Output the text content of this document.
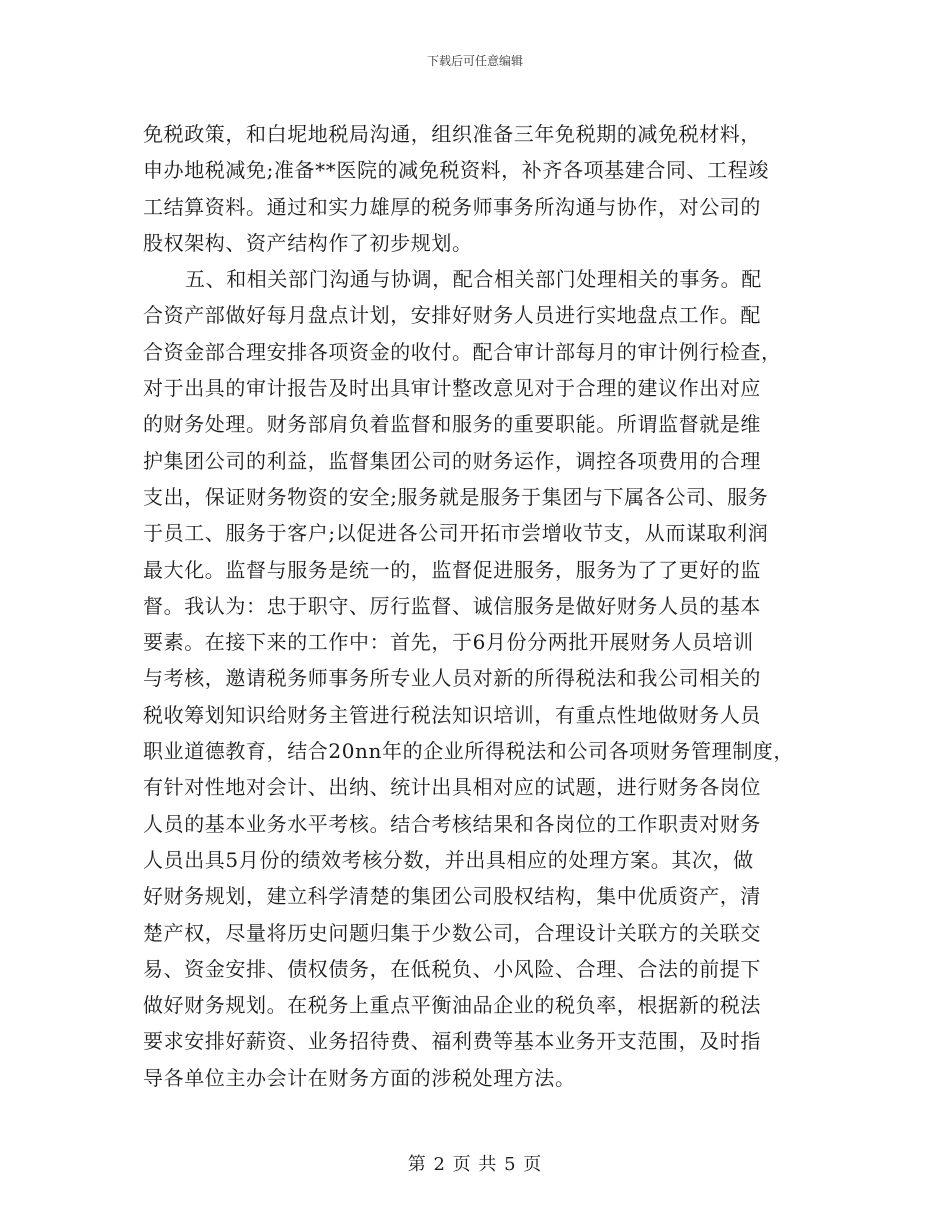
下载后可任意编辑
免税政策，和白坭地税局沟通，组织准备三年免税期的减免税材料，
申办地税减免;准备**医院的减免税资料，补齐各项基建合同、工程竣
工结算资料。通过和实力雄厚的税务师事务所沟通与协作，对公司的
股权架构、资产结构作了初步规划。
五、和相关部门沟通与协调，配合相关部门处理相关的事务。配
合资产部做好每月盘点计划，安排好财务人员进行实地盘点工作。配
合资金部合理安排各项资金的收付。配合审计部每月的审计例行检查，
对于出具的审计报告及时出具审计整改意见对于合理的建议作出对应
的财务处理。财务部肩负着监督和服务的重要职能。所谓监督就是维
护集团公司的利益，监督集团公司的财务运作，调控各项费用的合理
支出，保证财务物资的安全;服务就是服务于集团与下属各公司、服务
于员工、服务于客户;以促进各公司开拓市尝增收节支，从而谋取利润
最大化。监督与服务是统一的，监督促进服务，服务为了了更好的监
督。我认为：忠于职守、厉行监督、诚信服务是做好财务人员的基本
要素。在接下来的工作中：首先，于6月份分两批开展财务人员培训
与考核，邀请税务师事务所专业人员对新的所得税法和我公司相关的
税收筹划知识给财务主管进行税法知识培训，有重点性地做财务人员
职业道德教育，结合20nn年的企业所得税法和公司各项财务管理制度，
有针对性地对会计、出纳、统计出具相对应的试题，进行财务各岗位
人员的基本业务水平考核。结合考核结果和各岗位的工作职责对财务
人员出具5月份的绩效考核分数，并出具相应的处理方案。其次，做
好财务规划，建立科学清楚的集团公司股权结构，集中优质资产，清
楚产权，尽量将历史问题归集于少数公司，合理设计关联方的关联交
易、资金安排、债权债务，在低税负、小风险、合理、合法的前提下
做好财务规划。在税务上重点平衡油品企业的税负率，根据新的税法
要求安排好薪资、业务招待费、福利费等基本业务开支范围，及时指
导各单位主办会计在财务方面的涉税处理方法。
第 2 页 共 5 页
